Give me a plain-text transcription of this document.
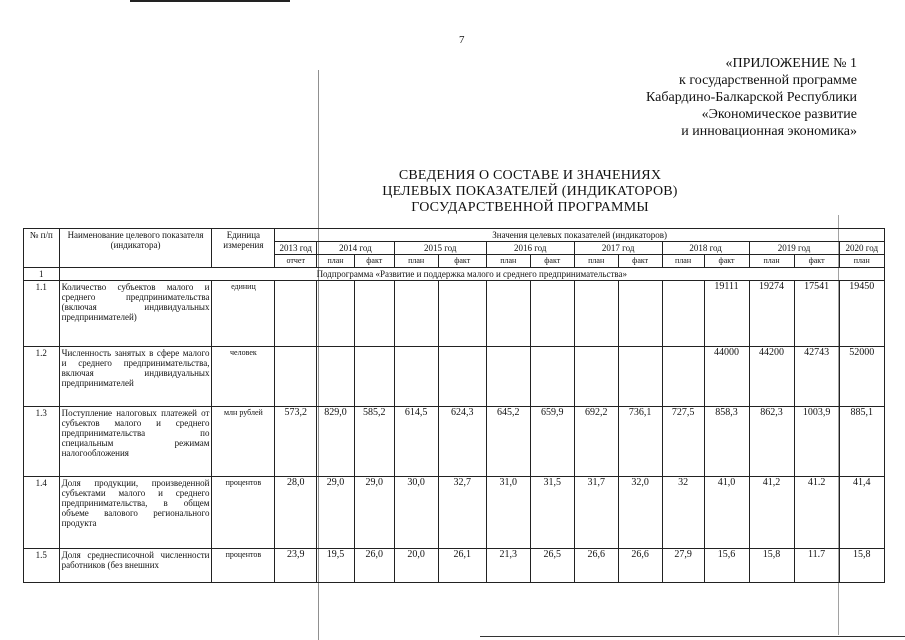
7
«ПРИЛОЖЕНИЕ № 1
к государственной программе
Кабардино-Балкарской Республики
«Экономическое развитие
и инновационная экономика»
СВЕДЕНИЯ О СОСТАВЕ И ЗНАЧЕНИЯХ
ЦЕЛЕВЫХ ПОКАЗАТЕЛЕЙ (ИНДИКАТОРОВ)
ГОСУДАРСТВЕННОЙ ПРОГРАММЫ
№ п/п	Наименование целевого показателя (индикатора)	Единица измерения	Значения целевых показателей (индикаторов)													
			2013 год	2014 год		2015 год		2016 год		2017 год		2018 год		2019 год		2020 год
			отчет	план	факт	план	факт	план	факт	план	факт	план	факт	план	факт	план
1	Подпрограмма «Развитие и поддержка малого и среднего предпринимательства»															
1.1	Количество субъектов малого и среднего предпринимательства (включая индивидуальных предпринимателей)	единиц											19111	19274	17541	19450
1.2	Численность занятых в сфере малого и среднего предпринимательства, включая индивидуальных предпринимателей	человек											44000	44200	42743	52000
1.3	Поступление налоговых платежей от субъектов малого и среднего предпринимательства по специальным режимам налогообложения	млн рублей	573,2	829,0	585,2	614,5	624,3	645,2	659,9	692,2	736,1	727,5	858,3	862,3	1003,9	885,1
1.4	Доля продукции, произведенной субъектами малого и среднего предпринимательства, в общем объеме валового регионального продукта	процентов	28,0	29,0	29,0	30,0	32,7	31,0	31,5	31,7	32,0	32	41,0	41,2	41.2	41,4
1.5	Доля среднесписочной численности работников (без внешних	процентов	23,9	19,5	26,0	20,0	26,1	21,3	26,5	26,6	26,6	27,9	15,6	15,8	11.7	15,8
